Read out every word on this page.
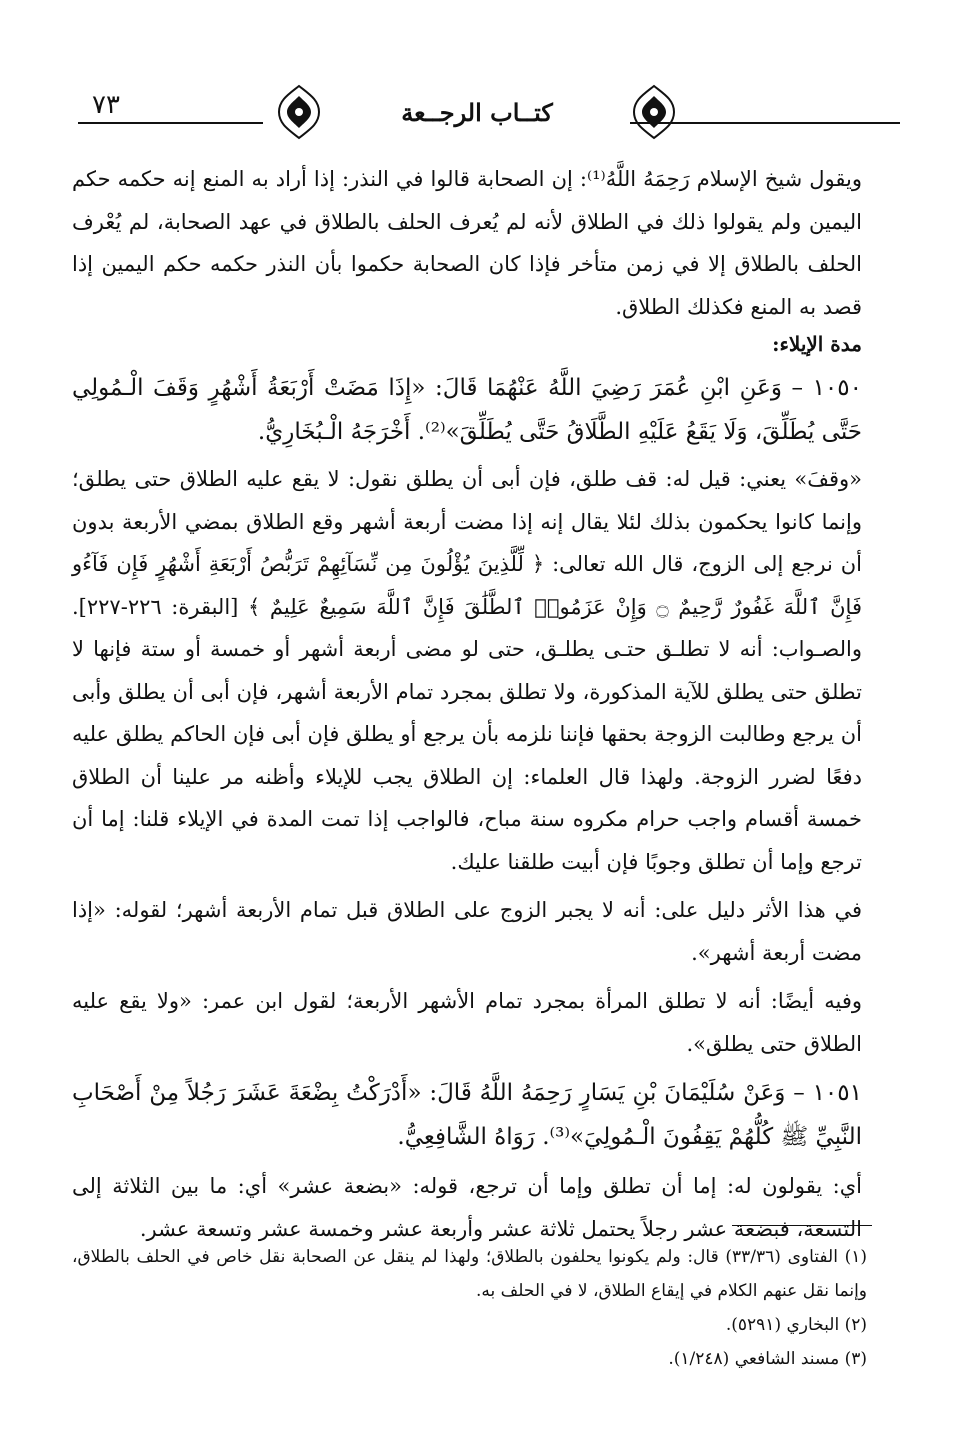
٧٣	كتــاب الرجــعة

ويقول شيخ الإسلام رَحِمَهُ اللَّهُ⁽¹⁾: إن الصحابة قالوا في النذر: إذا أراد به المنع إنه حكمه حكم اليمين ولم يقولوا ذلك في الطلاق لأنه لم يُعرف الحلف بالطلاق في عهد الصحابة، لم يُعْرف الحلف بالطلاق إلا في زمن متأخر فإذا كان الصحابة حكموا بأن النذر حكمه حكم اليمين إذا قصد به المنع فكذلك الطلاق.

مدة الإيلاء:

١٠٥٠ – وَعَنِ ابْنِ عُمَرَ رَضِيَ اللَّهُ عَنْهُمَا قَالَ: «إِذَا مَضَتْ أَرْبَعَةُ أَشْهُرٍ وَقَفَ الْـمُولِي حَتَّى يُطَلِّقَ، وَلَا يَقَعُ عَلَيْهِ الطَّلَاقُ حَتَّى يُطَلِّقَ»⁽²⁾. أَخْرَجَهُ الْـبُخَارِيُّ.

«وقفَ» يعني: قيل له: قف طلق، فإن أبى أن يطلق نقول: لا يقع عليه الطلاق حتى يطلق؛ وإنما كانوا يحكمون بذلك لئلا يقال إنه إذا مضت أربعة أشهر وقع الطلاق بمضي الأربعة بدون أن نرجع إلى الزوج، قال الله تعالى: ﴿ لِّلَّذِينَ يُؤْلُونَ مِن نِّسَآئِهِمْ تَرَبُّصُ أَرْبَعَةِ أَشْهُرٍ فَإِن فَآءُو فَإِنَّ ٱللَّهَ غَفُورٌ رَّحِيمٌ ۝ وَإِنْ عَزَمُوا۟ ٱلطَّلَٰقَ فَإِنَّ ٱللَّهَ سَمِيعٌ عَلِيمٌ ﴾ [البقرة: ٢٢٦-٢٢٧]. والصـواب: أنه لا تطلـق حتـى يطلـق، حتى لو مضى أربعة أشهر أو خمسة أو ستة فإنها لا تطلق حتى يطلق للآية المذكورة، ولا تطلق بمجرد تمام الأربعة أشهر، فإن أبى أن يطلق وأبى أن يرجع وطالبت الزوجة بحقها فإننا نلزمه بأن يرجع أو يطلق فإن أبى فإن الحاكم يطلق عليه دفعًا لضرر الزوجة. ولهذا قال العلماء: إن الطلاق يجب للإيلاء وأظنه مر علينا أن الطلاق خمسة أقسام واجب حرام مكروه سنة مباح، فالواجب إذا تمت المدة في الإيلاء قلنا: إما أن ترجع وإما أن تطلق وجوبًا فإن أبيت طلقنا عليك.

في هذا الأثر دليل على: أنه لا يجبر الزوج على الطلاق قبل تمام الأربعة أشهر؛ لقوله: «إذا مضت أربعة أشهر».

وفيه أيضًا: أنه لا تطلق المرأة بمجرد تمام الأشهر الأربعة؛ لقول ابن عمر: «ولا يقع عليه الطلاق حتى يطلق».

١٠٥١ – وَعَنْ سُلَيْمَانَ بْنِ يَسَارٍ رَحِمَهُ اللَّهُ قَالَ: «أَدْرَكْتُ بِضْعَةَ عَشَرَ رَجُلاً مِنْ أَصْحَابِ النَّبِيِّ ﷺ كُلُّهُمْ يَقِفُونَ الْـمُولِيَ»⁽³⁾. رَوَاهُ الشَّافِعِيُّ.

أي: يقولون له: إما أن تطلق وإما أن ترجع، قوله: «بضعة عشر» أي: ما بين الثلاثة إلى التسعة، فبضعة عشر رجلاً يحتمل ثلاثة عشر وأربعة عشر وخمسة عشر وتسعة عشر.

(١) الفتاوى (٣٣/٣٦) قال: ولم يكونوا يحلفون بالطلاق؛ ولهذا لم ينقل عن الصحابة نقل خاص في الحلف بالطلاق، وإنما نقل عنهم الكلام في إيقاع الطلاق، لا في الحلف به.

(٢) البخاري (٥٢٩١).

(٣) مسند الشافعي (١/٢٤٨).
